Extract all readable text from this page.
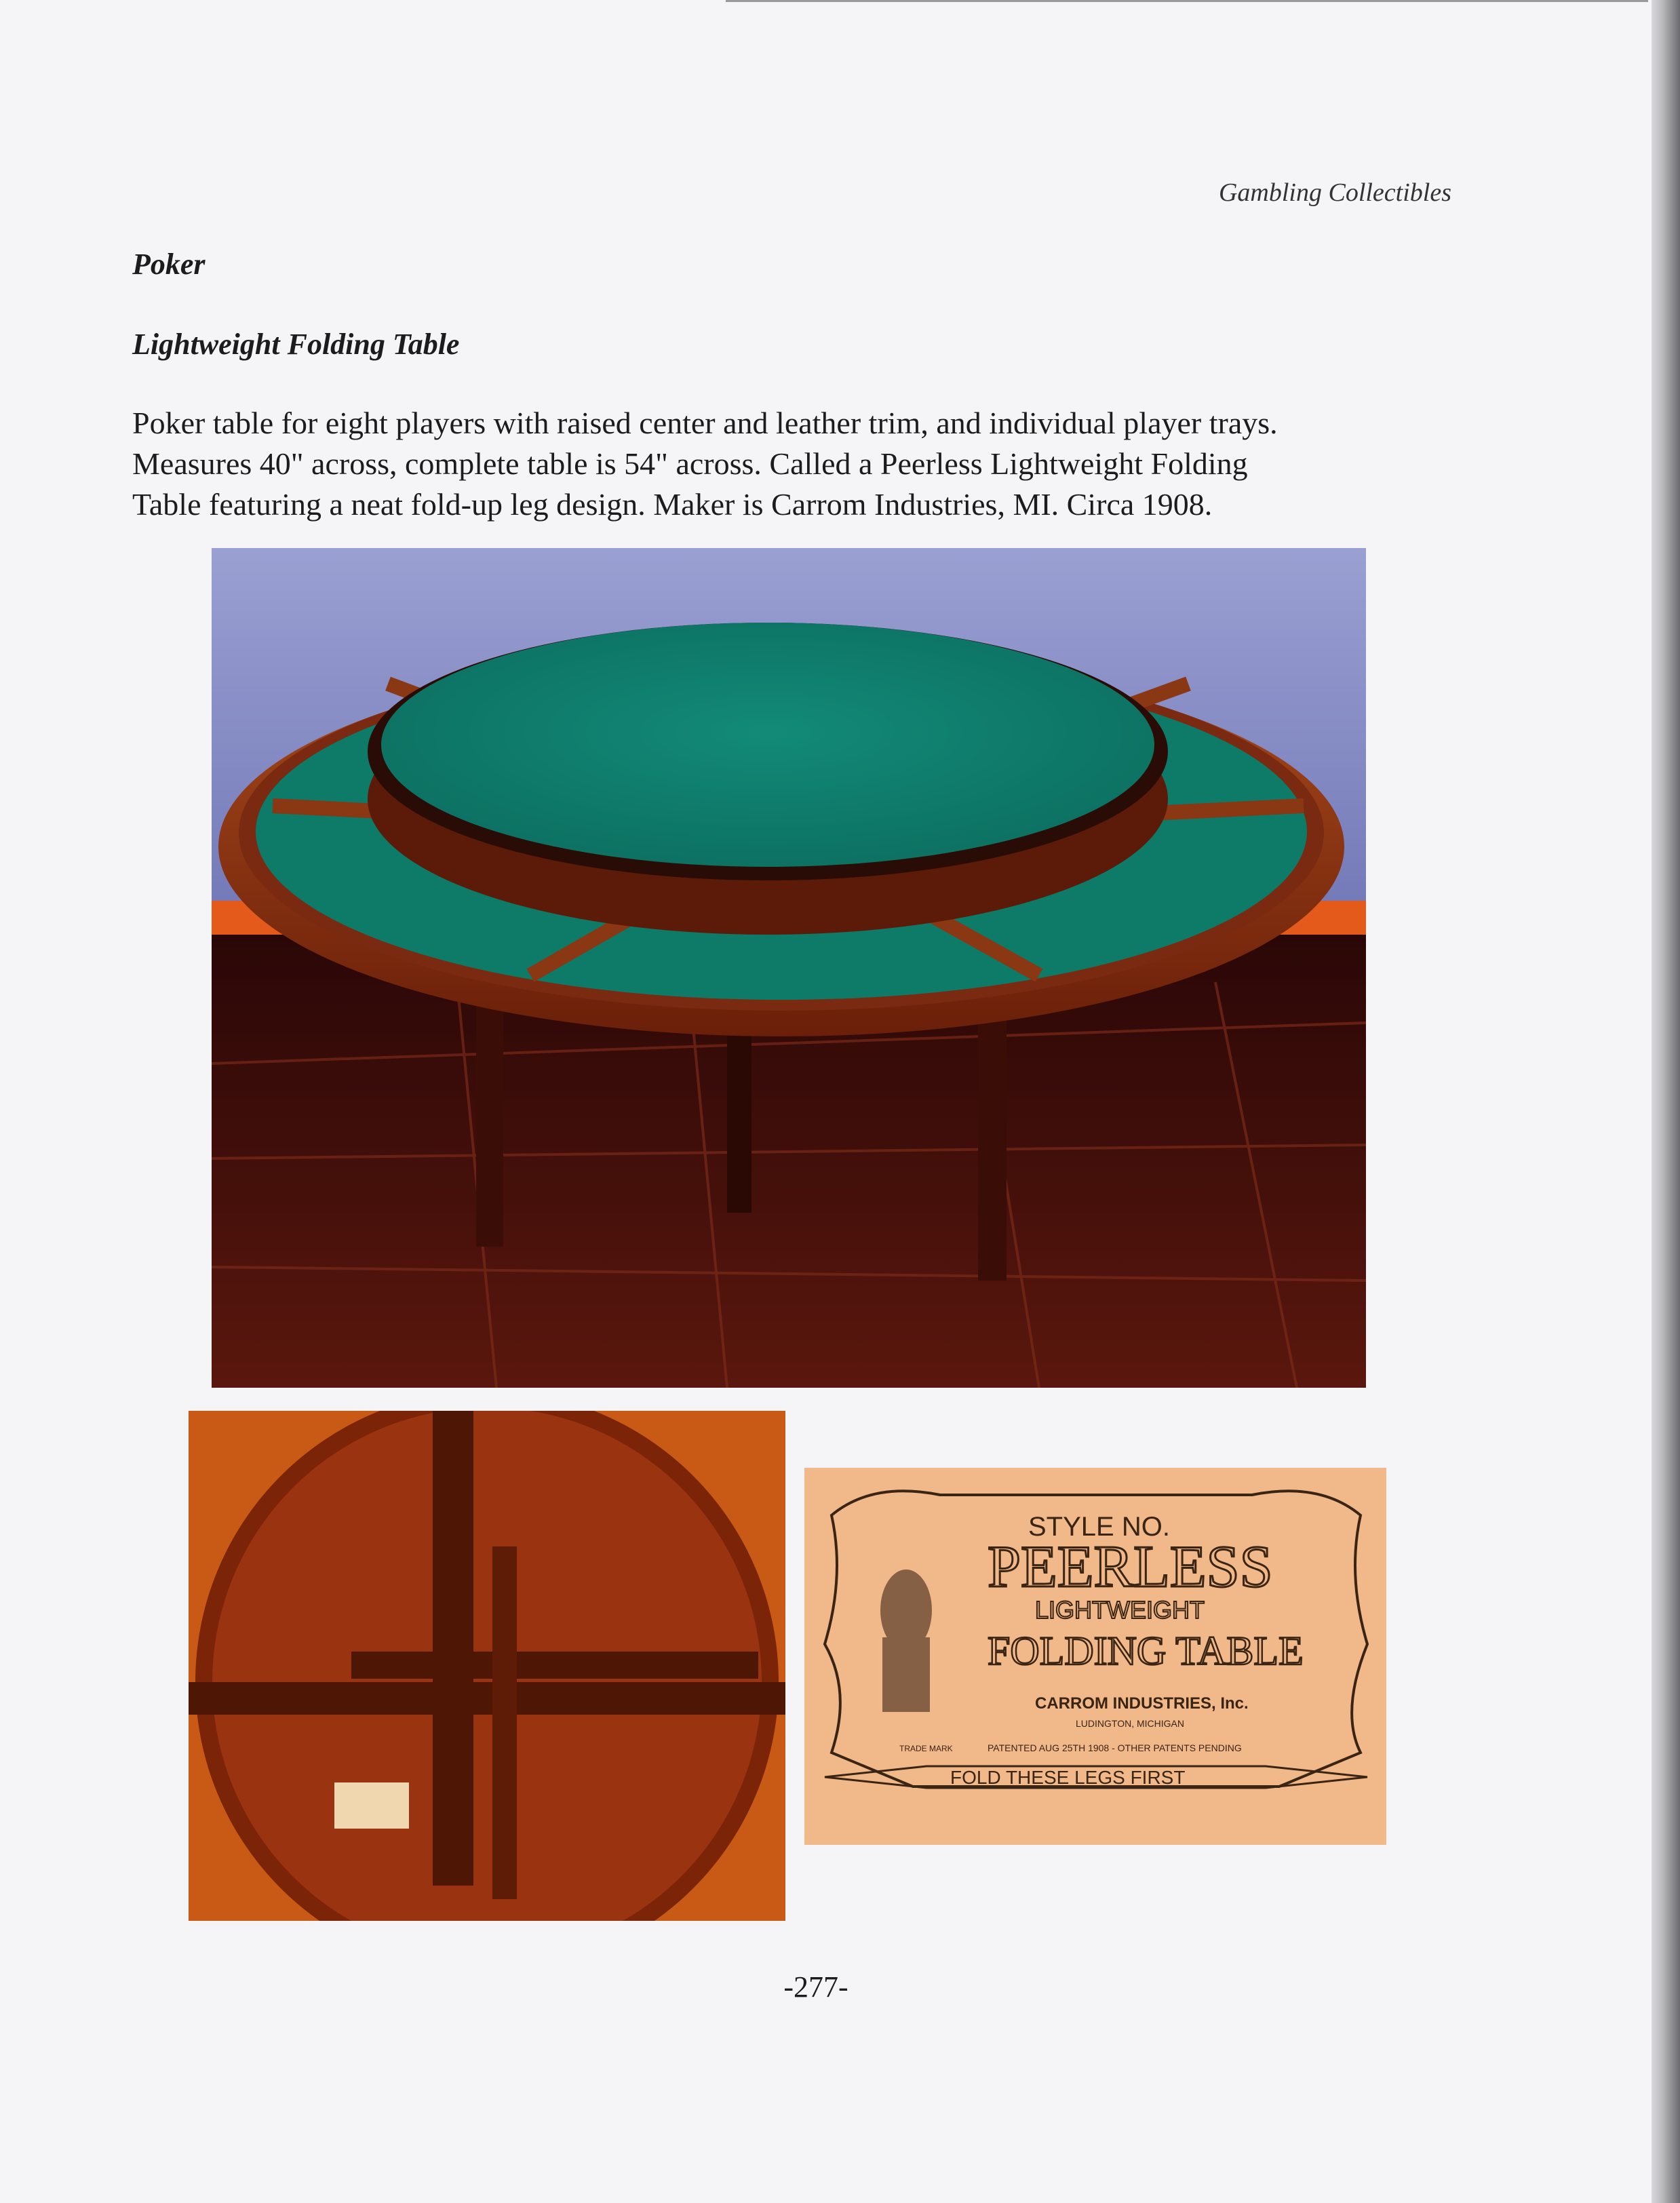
Gambling Collectibles
Poker
Lightweight Folding Table
Poker table for eight players with raised center and leather trim, and individual player trays.
Measures 40" across, complete table is 54" across. Called a Peerless Lightweight Folding
Table featuring a neat fold-up leg design. Maker is Carrom Industries, MI. Circa 1908.
STYLE NO.
PEERLESS
LIGHTWEIGHT
FOLDING TABLE
CARROM INDUSTRIES, Inc.
LUDINGTON, MICHIGAN
TRADE MARK	PATENTED AUG 25TH 1908 - OTHER PATENTS PENDING
FOLD THESE LEGS FIRST
-277-
